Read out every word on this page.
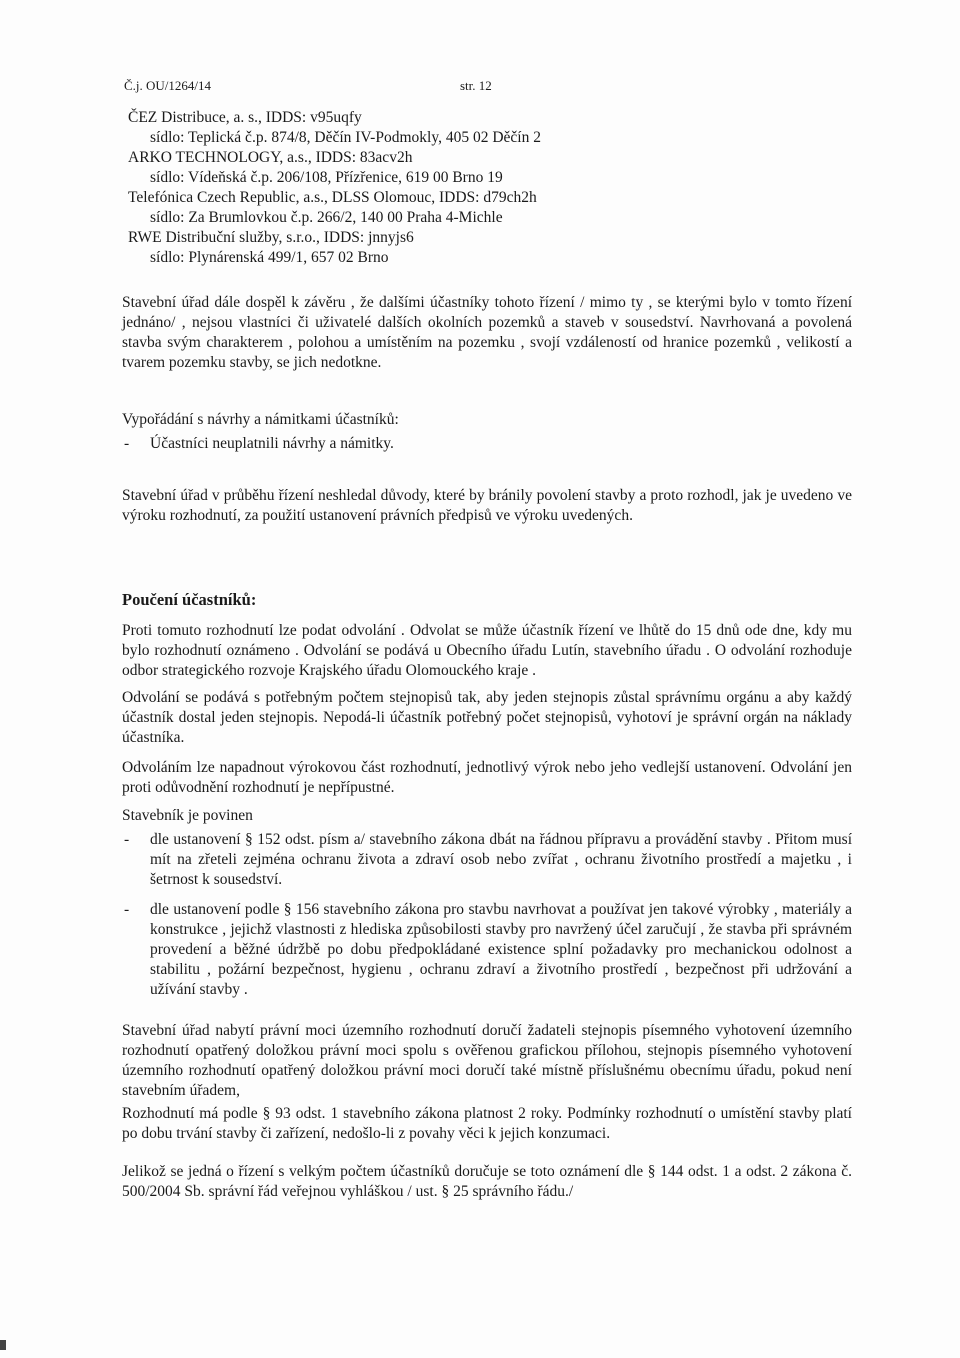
Č.j. OU/1264/14	str. 12
ČEZ Distribuce, a. s., IDDS: v95uqfy
sídlo: Teplická č.p. 874/8, Děčín IV-Podmokly, 405 02 Děčín 2
ARKO TECHNOLOGY, a.s., IDDS: 83acv2h
sídlo: Vídeňská č.p. 206/108, Přízřenice, 619 00 Brno 19
Telefónica Czech Republic, a.s., DLSS Olomouc, IDDS: d79ch2h
sídlo: Za Brumlovkou č.p. 266/2, 140 00 Praha 4-Michle
RWE Distribuční služby, s.r.o., IDDS: jnnyjs6
sídlo: Plynárenská 499/1, 657 02 Brno

Stavební úřad dále dospěl k závěru , že dalšími účastníky tohoto řízení / mimo ty , se kterými bylo v tomto řízení jednáno/ , nejsou vlastníci či uživatelé dalších okolních pozemků a staveb v sousedství. Navrhovaná a povolená stavba svým charakterem , polohou a umístěním na pozemku , svojí vzdáleností od hranice pozemků , velikostí a tvarem pozemku stavby, se jich nedotkne.

Vypořádání s návrhy a námitkami účastníků:

- Účastníci neuplatnili návrhy a námitky.

Stavební úřad v průběhu řízení neshledal důvody, které by bránily povolení stavby a proto rozhodl, jak je uvedeno ve výroku rozhodnutí, za použití ustanovení právních předpisů ve výroku uvedených.

Poučení účastníků:

Proti tomuto rozhodnutí lze podat odvolání . Odvolat se může účastník řízení ve lhůtě do 15 dnů ode dne, kdy mu bylo rozhodnutí oznámeno . Odvolání se podává u Obecního úřadu Lutín, stavebního úřadu . O odvolání rozhoduje odbor strategického rozvoje Krajského úřadu Olomouckého kraje .

Odvolání se podává s potřebným počtem stejnopisů tak, aby jeden stejnopis zůstal správnímu orgánu a aby každý účastník dostal jeden stejnopis. Nepodá-li účastník potřebný počet stejnopisů, vyhotoví je správní orgán na náklady účastníka.

Odvoláním lze napadnout výrokovou část rozhodnutí, jednotlivý výrok nebo jeho vedlejší ustanovení. Odvolání jen proti odůvodnění rozhodnutí je nepřípustné.

Stavebník je povinen

- dle ustanovení § 152 odst. písm a/ stavebního zákona dbát na řádnou přípravu a provádění stavby . Přitom musí mít na zřeteli zejména ochranu života a zdraví osob nebo zvířat , ochranu životního prostředí a majetku , i šetrnost k sousedství.
- dle ustanovení podle § 156 stavebního zákona pro stavbu navrhovat a používat jen takové výrobky , materiály a konstrukce , jejichž vlastnosti z hlediska způsobilosti stavby pro navržený účel zaručují , že stavba při správném provedení a běžné údržbě po dobu předpokládané existence splní požadavky pro mechanickou odolnost a stabilitu , požární bezpečnost, hygienu , ochranu zdraví a životního prostředí , bezpečnost při udržování a užívání stavby .

Stavební úřad nabytí právní moci územního rozhodnutí doručí žadateli stejnopis písemného vyhotovení územního rozhodnutí opatřený doložkou právní moci spolu s ověřenou grafickou přílohou, stejnopis písemného vyhotovení územního rozhodnutí opatřený doložkou právní moci doručí také místně příslušnému obecnímu úřadu, pokud není stavebním úřadem,

Rozhodnutí má podle § 93 odst. 1 stavebního zákona platnost 2 roky. Podmínky rozhodnutí o umístění stavby platí po dobu trvání stavby či zařízení, nedošlo-li z povahy věci k jejich konzumaci.

Jelikož se jedná o řízení s velkým počtem účastníků doručuje se toto oznámení dle § 144 odst. 1 a odst. 2 zákona č. 500/2004 Sb. správní řád veřejnou vyhláškou / ust. § 25 správního řádu./
